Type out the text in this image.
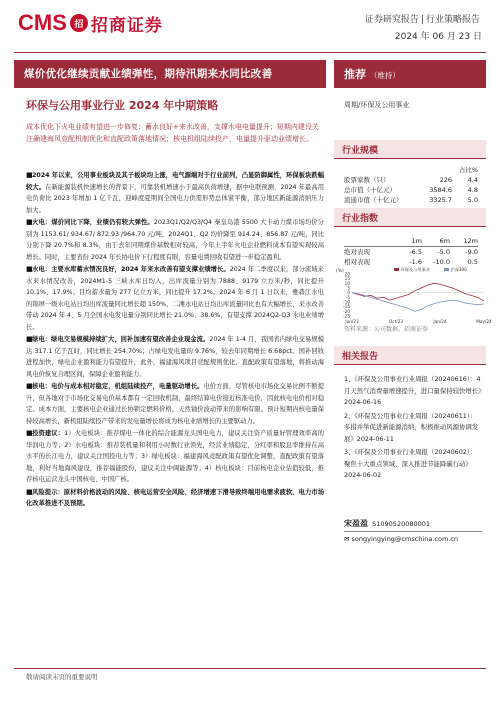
CMS 招 招商证券	证券研究报告 | 行业策略报告
2024 年 06 月 23 日
煤价优化继续贡献业绩弹性，期待汛期来水同比改善	推荐 （维持）
环保与公用事业行业 2024 年中期策略	周期/环保及公用事业
成本优化下火电业绩有望进一步修复；蓄水良好+来水改善，支撑水电电量提升；短期内建设关注确建海风竞配机制优化和直配政策落地情况；核电机组陆续投产，电量提升驱动业绩增长。

■2024 年以来，公用事业板块及其子板块均上涨，电气源端对于行业前列，凸显防御属性，环保板块跌幅较大。在新能源装机快速增长的背景下，可靠装机增速小于最高负荷增速，据中电联预测，2024 年最高用电负荷比 2023 年增加 1 亿千瓦，迎峰度夏期间全国电力供需形势总体紧平衡，部分地区新能源消纳压力加大。

■火电：煤价同比下降，业绩仍有较大弹性。2023Q1/Q2/Q3/Q4 秦皇岛港 5500 大卡动力煤市场均价分别为 1153.61/ 934.67/ 872.93 /964.70 元/吨，2024Q1、Q2 均价降至 914.24、856.87 元/吨，同比分别下降 20.7%和 8.3%，由于去年同期煤价基数相对较高，今年上半年火电企业燃料成本有望实现较高增长。同时，主要省份 2024 年长协电价下行程度有限，容量电费回收有望进一步稳定盈利。

■水电：主要水库蓄水情况良好，2024 年来水改善有望支撑业绩增长。2024 年二季度以来，部分流域来水来水情况改善，2024M1-5 三峡水库日均入，出库流量分别为 7888、9179 立方米/秒，同比提升 10.1%、17.9%；目均蓄水量为 277 亿立方米，同比提升 17.2%。2024 年 6 月 1 日以来，雅砻江水电的锦屏一级水电站日均出库流量同比增长超 150%，二滩水电站日均出库流量同比也有大幅增长，来水改善带动 2024 年 4、5 月全国水电发电量分别同比增长 21.0%、38.6%，有望支撑 2024Q2-Q3 水电业绩增长。

■绿电：绿电交易规模持续扩大，回补加速有望改善企业现金流。2024 年 1-4 月，我国省内绿电交易规模达 317.1 亿千瓦时，同比增长 254.70%；占绿电发电量的 9.76%，较去年同期增长 6.68pct。国补回收进程加快，绿电企业盈利能力有望提升，此外，福建海风项目竞配规则优化，直配政策有望落地，将推动海风电价恢复合理区间，保障企业盈利能力。

■核电：电价与成本相对稳定，机组陆续投产，电量驱动增长。电价方面，尽管核电市场化交易比例不断提升，但各地对于市场化交易电价基本都有一定回收机制，最终结算电价接近核准电价，因此核电电价相对稳定。成本方面，主要核电企业通过长协锁定燃料价格，天然铀价波动带来的影响有限。预计短期内核电量保持较高增长，新机组陆续投产带来的发电量增长将成为核电业绩增长的主要驱动力。

■投资建议：1）火电板块：推荐煤电一体化的综合能源龙头国电电力，建议关注资产质量好管理效率高的华润电力等；2）水电板块：推荐装机量和利用小时数行业领先，经营业绩稳定，分红率和股息率维持在高水平的长江电力，建议关注国投电力等；3）绿电板块：福建海风竞配政策有望优化调整，直配政策有望落地，利好当地海风建设，推荐福能股份，建议关注中闽能源等；4）核电板块：目前核电企业估值较低，推荐核电运营龙头中国核电、中国广核。

■风险提示：原材料价格波动的风险、核电运营安全风险、经济增速下滑导致终端用电需求疲软、电力市场化改革推进不及预期。

行业规模
占比%
股票家数（只）	226	4.4
总市值（十亿元）	3584.6	4.8
流通市值（十亿元）	3325.7	5.0
行业指数
1m	6m	12m
绝对表现	-6.5	-5.0	-9.0
相对表现	-1.6	-10.0	0.5
(%) 20
15
10
5
0
-5
-10
-15
-20
-25
Jun/23	Oct/23	Jan/24	May/24
环保及公用事业	沪深300
资料来源：公司数据、招商证券
相关报告
1、《环保及公用事业行业周报（20240616）：4 月天然气消费量增速提升，进口量保持较快增长》2024-06-16
2、《环保及公用事业行业周报（20240611）：多措并举促进新能源消纳，积极推动风源协调发展》2024-06-11
3、《环保及公用事业行业周报（20240602）：聚焦十大重点领域，深入推进节能降碳行动》2024-06-02
宋盈盈 S1090520080001
✉ songyingying@cmschina.com.cn
敬请阅读末页的重要说明
